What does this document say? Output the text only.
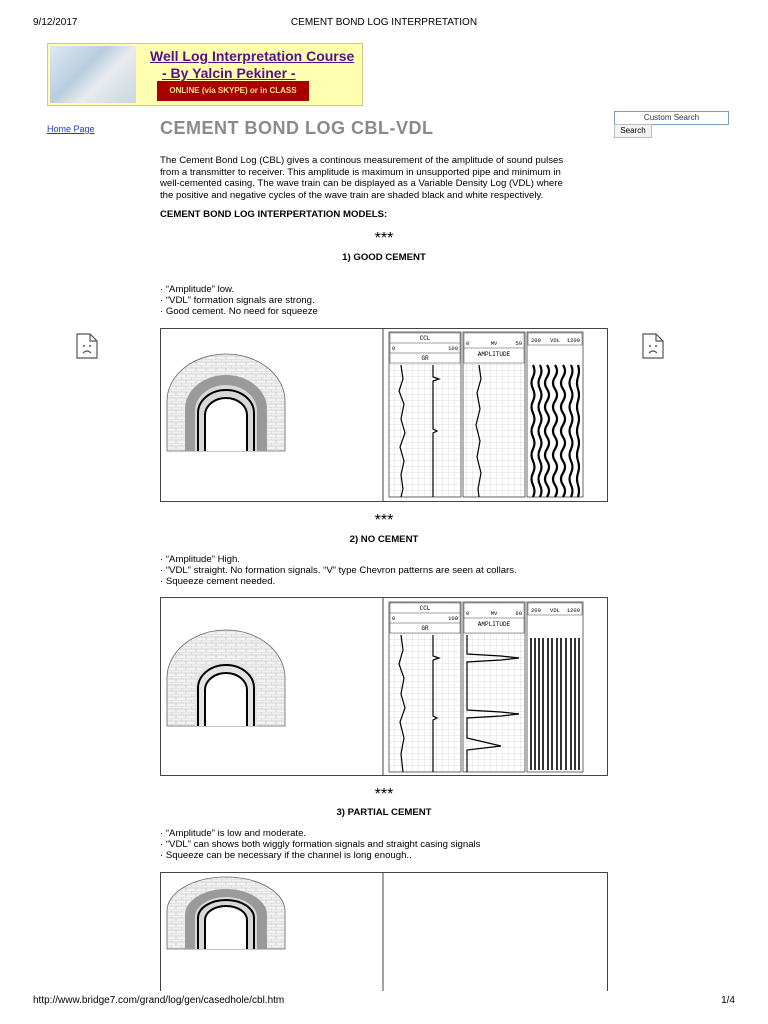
9/12/2017	CEMENT BOND LOG INTERPRETATION
Well Log Interpretation Course
- By Yalcin Pekiner -
ONLINE (via SKYPE) or in CLASS
Home Page	CEMENT BOND LOG CBL-VDL
Custom Search
Search
The Cement Bond Log (CBL) gives a continous measurement of the amplitude of sound pulses
from a transmitter to receiver. This amplitude is maximum in unsupported pipe and minimum in
well-cemented casing. The wave train can be displayed as a Variable Density Log (VDL) where
the positive and negative cycles of the wave train are shaded black and white respectively.
CEMENT BOND LOG INTERPERTATION MODELS:
***
1) GOOD CEMENT
· “Amplitude” low.
· “VDL” formation signals are strong.
· Good cement. No need for squeeze
CCL
0	100
GR
0	MV	50
AMPLITUDE
200 VDL 1200
***
2) NO CEMENT
· “Amplitude” High.
· “VDL” straight. No formation signals. “V” type Chevron patterns are seen at collars.
· Squeeze cement needed.
CCL
0	100
GR
0	MV	60
AMPLITUDE
200 VDL 1200
***
3) PARTIAL CEMENT
· “Amplitude” is low and moderate.
· “VDL” can shows both wiggly formation signals and straight casing signals
· Squeeze can be necessary if the channel is long enough..
http://www.bridge7.com/grand/log/gen/casedhole/cbl.htm	1/4
